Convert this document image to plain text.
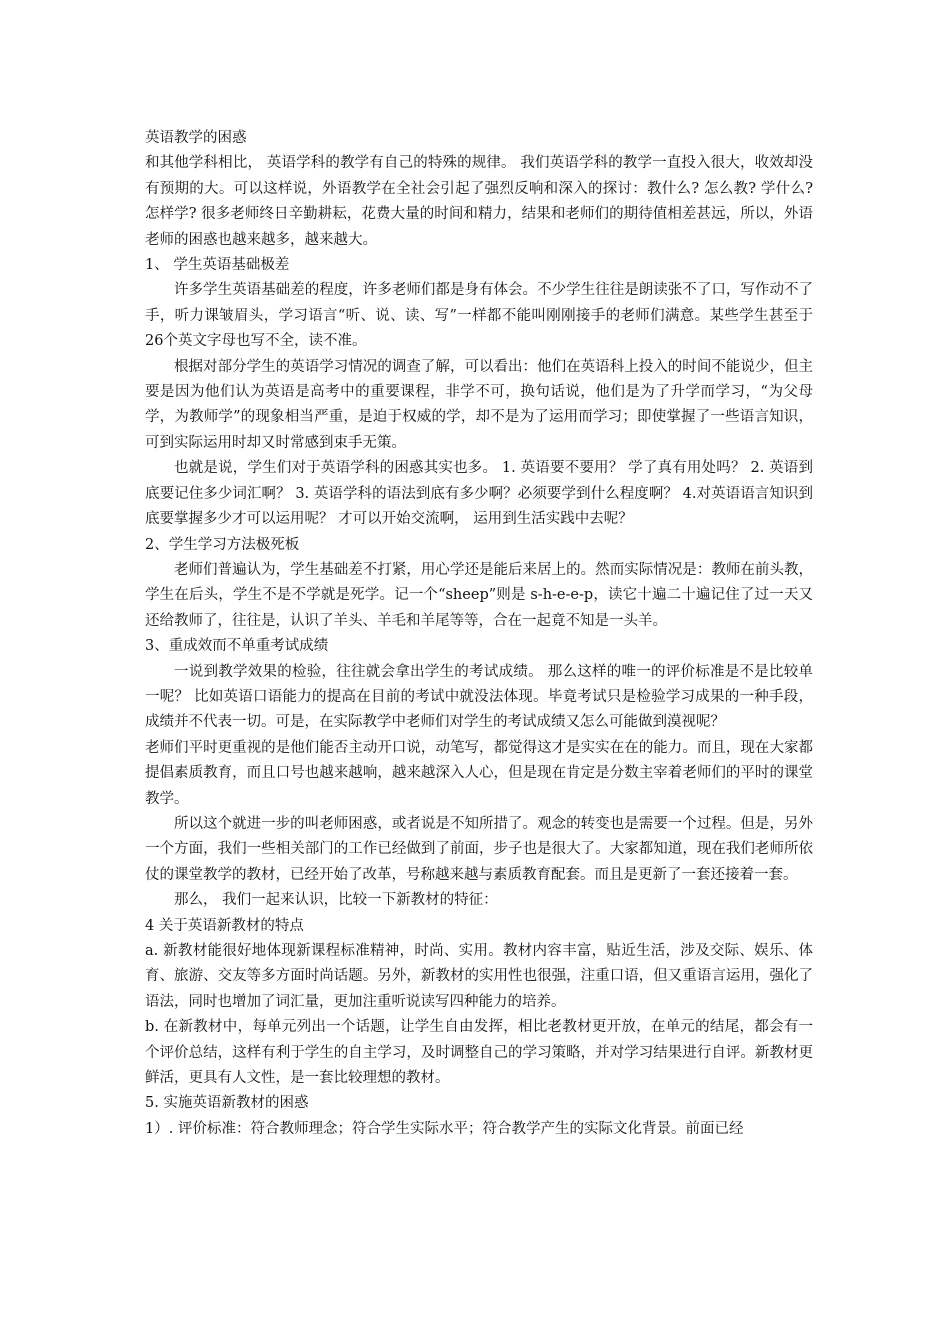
英语教学的困惑

和其他学科相比， 英语学科的教学有自己的特殊的规律。 我们英语学科的教学一直投入很大，收效却没有预期的大。可以这样说，外语教学在全社会引起了强烈反响和深入的探讨：教什么? 怎么教? 学什么? 怎样学? 很多老师终日辛勤耕耘，花费大量的时间和精力，结果和老师们的期待值相差甚远，所以，外语老师的困惑也越来越多，越来越大。

1、 学生英语基础极差

许多学生英语基础差的程度，许多老师们都是身有体会。不少学生往往是朗读张不了口，写作动不了手，听力课皱眉头，学习语言“听、说、读、写”一样都不能叫刚刚接手的老师们满意。某些学生甚至于26个英文字母也写不全，读不准。

根据对部分学生的英语学习情况的调查了解，可以看出：他们在英语科上投入的时间不能说少，但主要是因为他们认为英语是高考中的重要课程，非学不可，换句话说，他们是为了升学而学习，“为父母学，为教师学”的现象相当严重，是迫于权威的学，却不是为了运用而学习；即使掌握了一些语言知识，可到实际运用时却又时常感到束手无策。

也就是说，学生们对于英语学科的困惑其实也多。 1. 英语要不要用？ 学了真有用处吗？ 2. 英语到底要记住多少词汇啊？ 3. 英语学科的语法到底有多少啊？必须要学到什么程度啊？ 4.对英语语言知识到底要掌握多少才可以运用呢？ 才可以开始交流啊， 运用到生活实践中去呢？

2、学生学习方法极死板

老师们普遍认为，学生基础差不打紧，用心学还是能后来居上的。然而实际情况是：教师在前头教，学生在后头，学生不是不学就是死学。记一个“sheep”则是 s-h-e-e-p，读它十遍二十遍记住了过一天又还给教师了，往往是，认识了羊头、羊毛和羊尾等等，合在一起竟不知是一头羊。

3、重成效而不单重考试成绩

一说到教学效果的检验，往往就会拿出学生的考试成绩。 那么这样的唯一的评价标准是不是比较单一呢？ 比如英语口语能力的提高在目前的考试中就没法体现。毕竟考试只是检验学习成果的一种手段，成绩并不代表一切。可是，在实际教学中老师们对学生的考试成绩又怎么可能做到漠视呢？

老师们平时更重视的是他们能否主动开口说，动笔写，都觉得这才是实实在在的能力。而且，现在大家都提倡素质教育，而且口号也越来越响，越来越深入人心，但是现在肯定是分数主宰着老师们的平时的课堂教学。

所以这个就进一步的叫老师困惑，或者说是不知所措了。观念的转变也是需要一个过程。但是，另外一个方面，我们一些相关部门的工作已经做到了前面，步子也是很大了。大家都知道，现在我们老师所依仗的课堂教学的教材，已经开始了改革，号称越来越与素质教育配套。而且是更新了一套还接着一套。

那么， 我们一起来认识，比较一下新教材的特征：

4 关于英语新教材的特点

a. 新教材能很好地体现新课程标准精神，时尚、实用。教材内容丰富，贴近生活，涉及交际、娱乐、体育、旅游、交友等多方面时尚话题。另外，新教材的实用性也很强，注重口语，但又重语言运用，强化了语法，同时也增加了词汇量，更加注重听说读写四种能力的培养。

b. 在新教材中，每单元列出一个话题，让学生自由发挥，相比老教材更开放，在单元的结尾，都会有一个评价总结，这样有利于学生的自主学习，及时调整自己的学习策略，并对学习结果进行自评。新教材更鲜活，更具有人文性，是一套比较理想的教材。

5. 实施英语新教材的困惑

1）. 评价标准：符合教师理念；符合学生实际水平；符合教学产生的实际文化背景。前面已经
